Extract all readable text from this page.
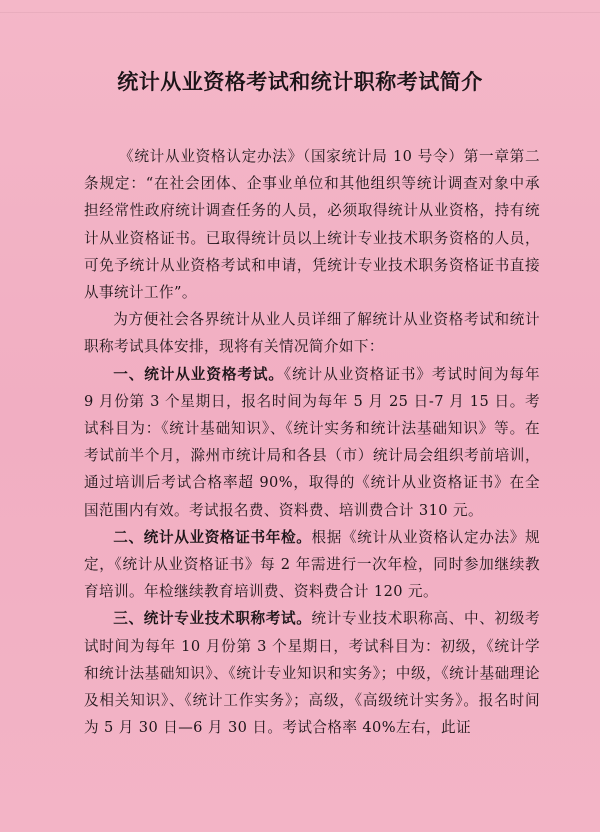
统计从业资格考试和统计职称考试简介

《统计从业资格认定办法》（国家统计局 10 号令）第一章第二条规定：“在社会团体、企事业单位和其他组织等统计调查对象中承担经常性政府统计调查任务的人员，必须取得统计从业资格，持有统计从业资格证书。已取得统计员以上统计专业技术职务资格的人员，可免予统计从业资格考试和申请，凭统计专业技术职务资格证书直接从事统计工作”。

为方便社会各界统计从业人员详细了解统计从业资格考试和统计职称考试具体安排，现将有关情况简介如下：

一、统计从业资格考试。《统计从业资格证书》考试时间为每年 9 月份第 3 个星期日，报名时间为每年 5 月 25 日-7 月 15 日。考试科目为：《统计基础知识》、《统计实务和统计法基础知识》等。在考试前半个月，滁州市统计局和各县（市）统计局会组织考前培训，通过培训后考试合格率超 90%，取得的《统计从业资格证书》在全国范围内有效。考试报名费、资料费、培训费合计 310 元。

二、统计从业资格证书年检。根据《统计从业资格认定办法》规定，《统计从业资格证书》每 2 年需进行一次年检，同时参加继续教育培训。年检继续教育培训费、资料费合计 120 元。

三、统计专业技术职称考试。统计专业技术职称高、中、初级考试时间为每年 10 月份第 3 个星期日，考试科目为：初级，《统计学和统计法基础知识》、《统计专业知识和实务》；中级，《统计基础理论及相关知识》、《统计工作实务》；高级，《高级统计实务》。报名时间为 5 月 30 日—6 月 30 日。考试合格率 40%左右，此证
